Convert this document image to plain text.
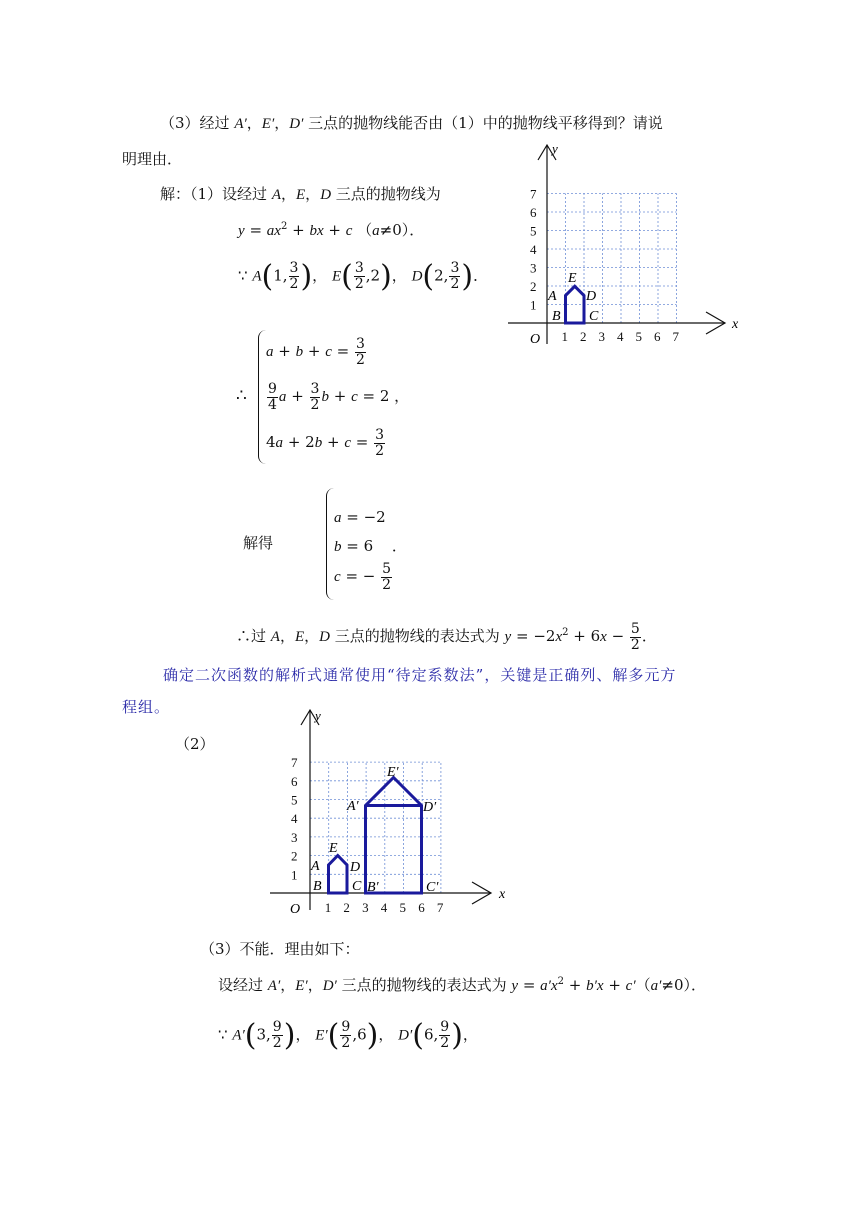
（3）经过 A′，E′，D′ 三点的抛物线能否由（1）中的抛物线平移得到？请说
明理由．
解：（1）设经过 A，E，D 三点的抛物线为
$y = ax^2$ + bx + c （a≠0）．
∵ A(1, $\frac{3}{2}$ )， $E( \frac{3}{2} ,2)$， D(2, $\frac{3}{2}$ )．
∴
$a + b + c = \frac{3}{2}$
$\frac{9}{4}$ $a + \frac{3}{2}$ b + c = 2 ，
$4a + 2b + c = \frac{3}{2}$
解得
a = −2
b = 6 ．
c = − $\frac{5}{2}$
∴过 A，E，D 三点的抛物线的表达式为 $y = -2x^2 + 6x - \frac{5}{2}$ ．
确定二次函数的解析式通常使用“待定系数法”，关键是正确列、解多元方
程组。
（2）
（3）不能．理由如下：
设经过 A′，E′，D′ 三点的抛物线的表达式为 $y = a'x^2 + b'x + c'(a'\ne 0)$．
∵ A′(3, $\frac{9}{2}$ )， $E'( \frac{9}{2} ,6)$， D′(6, $\frac{9}{2}$ )，
1 2 3 4 5 6 7
1
2
3
4
5
6
7
x
y
O
A
B C
D
E
1 2 3 4 5 6 7
1
2
3
4
5
6
7
x
y
O
A
B C
D
E
A′
B′	C′
D′
E′
